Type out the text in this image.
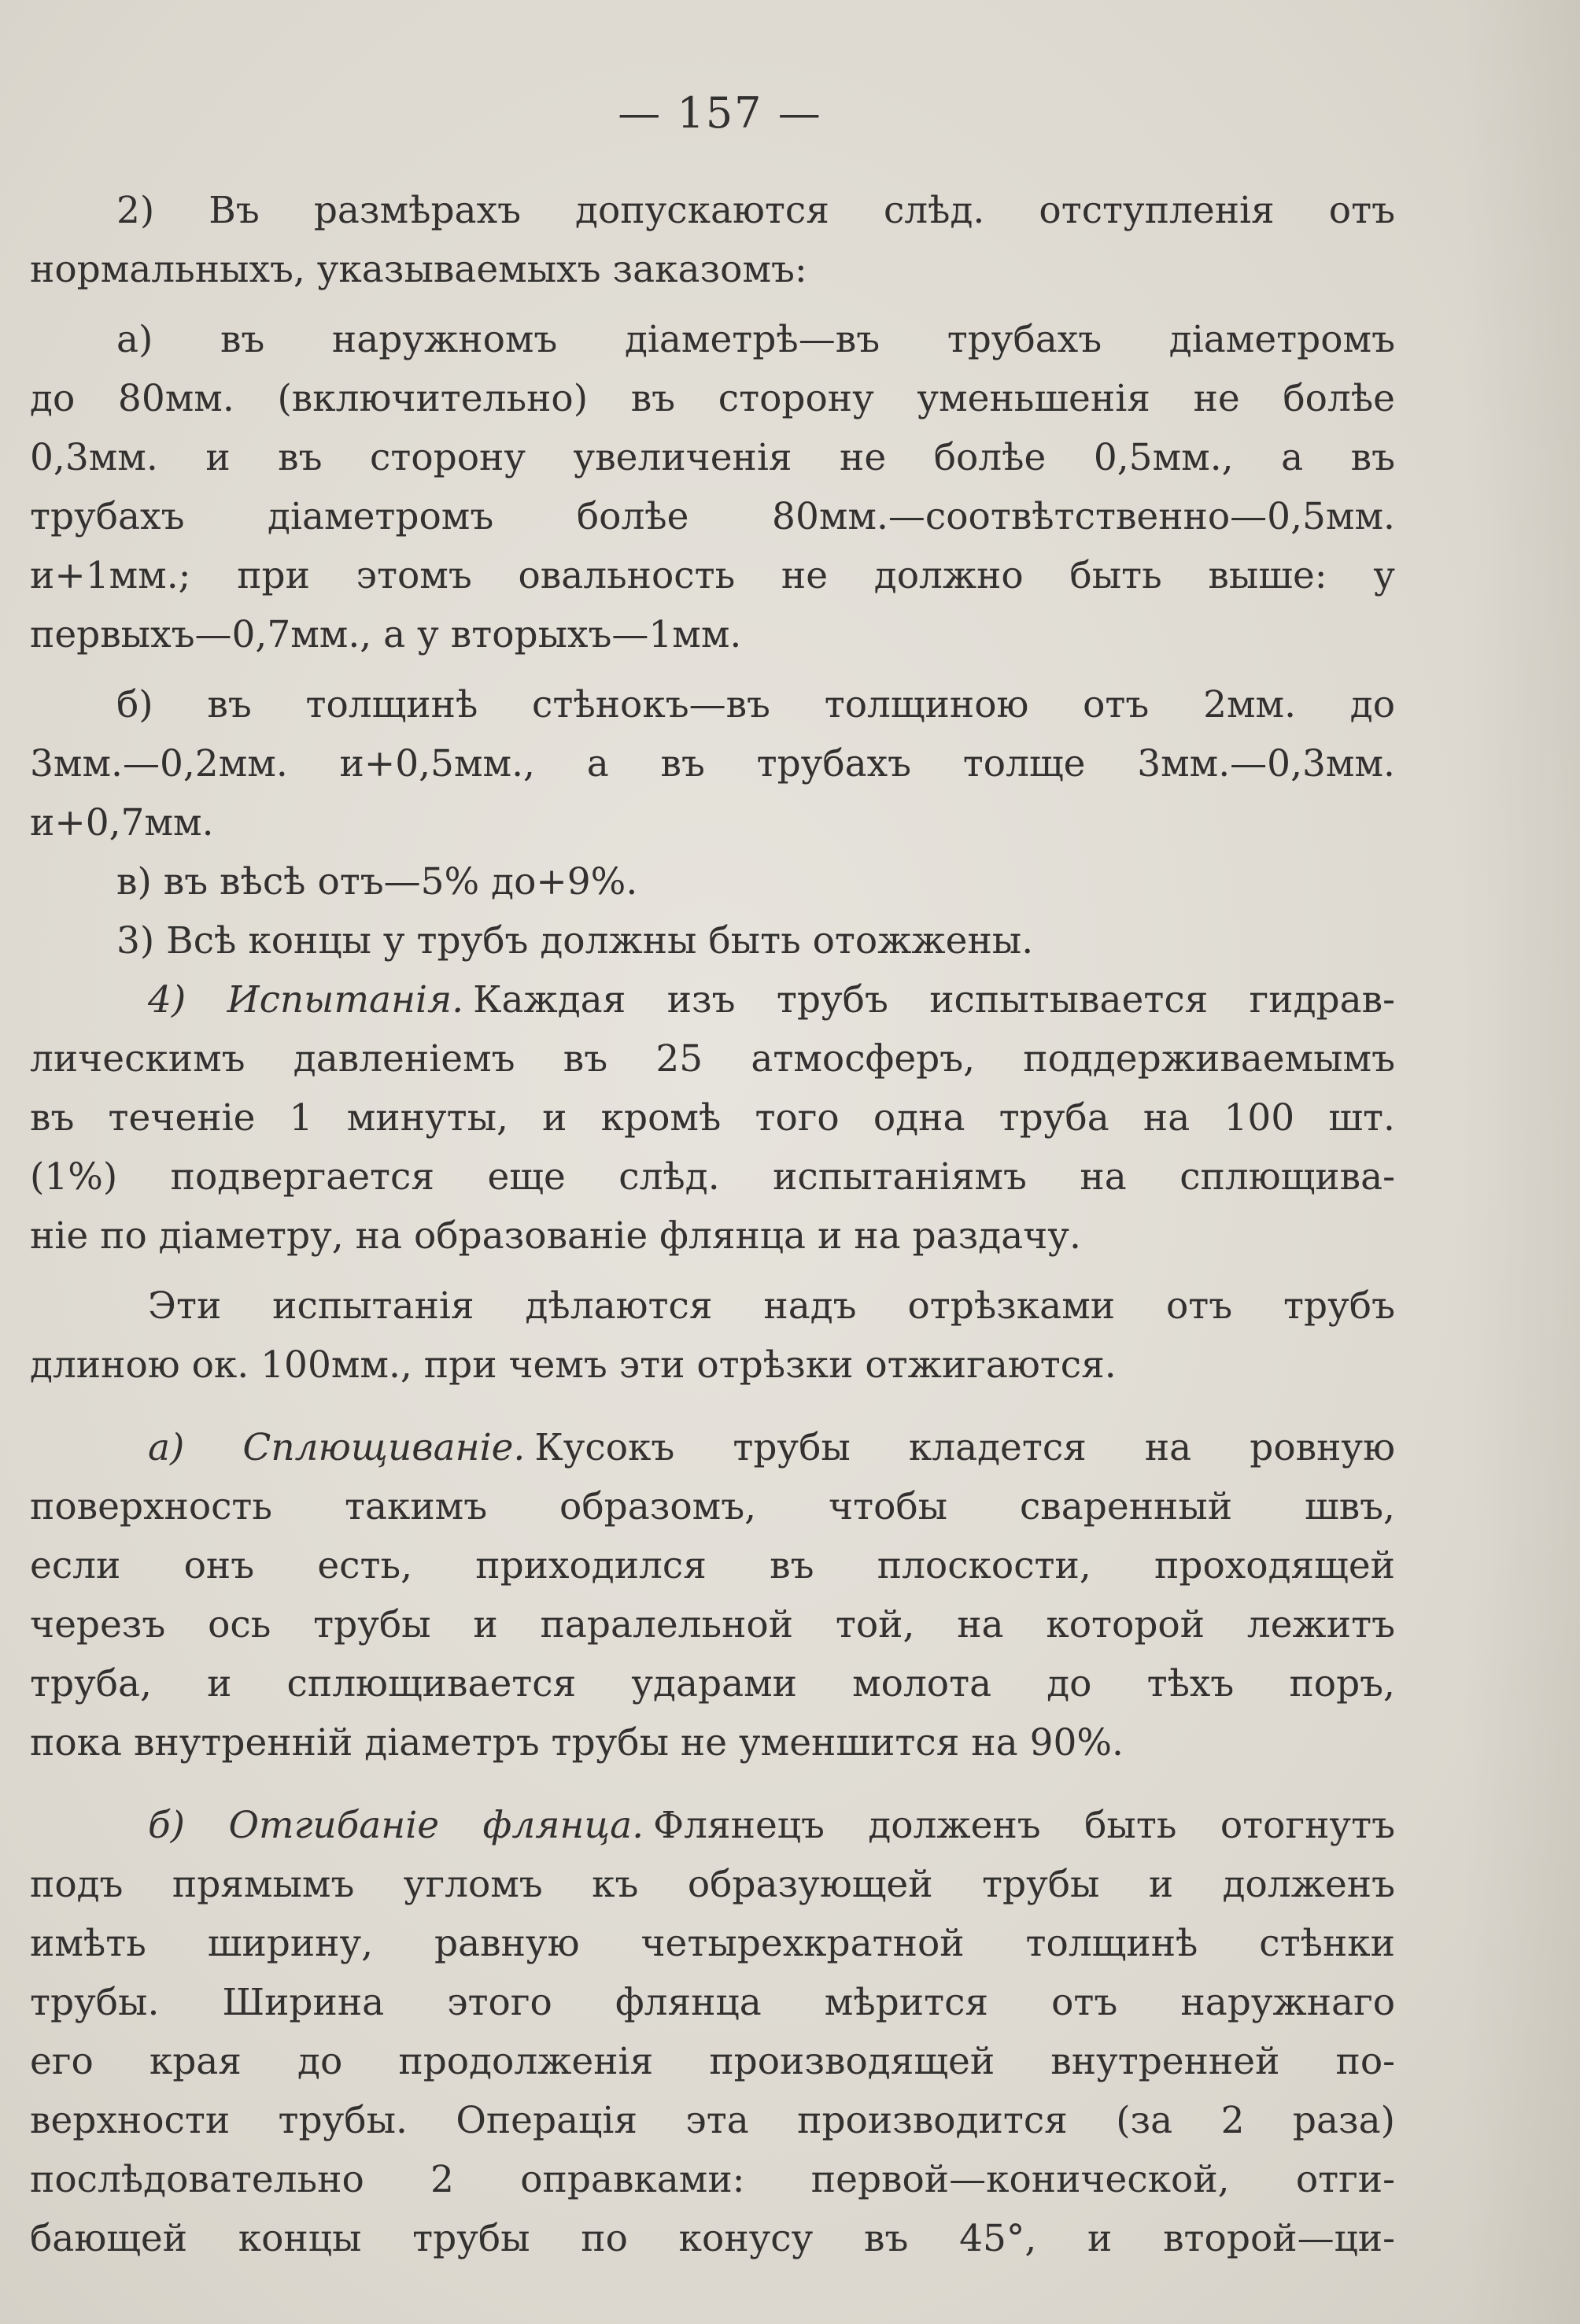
— 157 —
2) Въ размѣрахъ допускаются слѣд. отступленія отъ
нормальныхъ, указываемыхъ заказомъ:
а) въ наружномъ діаметрѣ—въ трубахъ діаметромъ
до 80мм. (включительно) въ сторону уменьшенія не болѣе
0,3мм. и въ сторону увеличенія не болѣе 0,5мм., а въ
трубахъ діаметромъ болѣе 80мм.—соотвѣтственно—0,5мм.
и+1мм.; при этомъ овальность не должно быть выше: у
первыхъ—0,7мм., а у вторыхъ—1мм.
б) въ толщинѣ стѣнокъ—въ толщиною отъ 2мм. до
3мм.—0,2мм. и+0,5мм., а въ трубахъ толще 3мм.—0,3мм.
и+0,7мм.
в) въ вѣсѣ отъ—5% до+9%.
3) Всѣ концы у трубъ должны быть отожжены.
4) Испытанія. Каждая изъ трубъ испытывается гидрав-
лическимъ давленіемъ въ 25 атмосферъ, поддерживаемымъ
въ теченіе 1 минуты, и кромѣ того одна труба на 100 шт.
(1%) подвергается еще слѣд. испытаніямъ на сплющива-
ніе по діаметру, на образованіе флянца и на раздачу.
Эти испытанія дѣлаются надъ отрѣзками отъ трубъ
длиною ок. 100мм., при чемъ эти отрѣзки отжигаются.
а) Сплющиваніе. Кусокъ трубы кладется на ровную
поверхность такимъ образомъ, чтобы сваренный швъ,
если онъ есть, приходился въ плоскости, проходящей
черезъ ось трубы и паралельной той, на которой лежитъ
труба, и сплющивается ударами молота до тѣхъ поръ,
пока внутренній діаметръ трубы не уменшится на 90%.
б) Отгибаніе флянца. Флянецъ долженъ быть отогнутъ
подъ прямымъ угломъ къ образующей трубы и долженъ
имѣть ширину, равную четырехкратной толщинѣ стѣнки
трубы. Ширина этого флянца мѣрится отъ наружнаго
его края до продолженія производящей внутренней по-
верхности трубы. Операція эта производится (за 2 раза)
послѣдовательно 2 оправками: первой—конической, отги-
бающей концы трубы по конусу въ 45°, и второй—ци-
